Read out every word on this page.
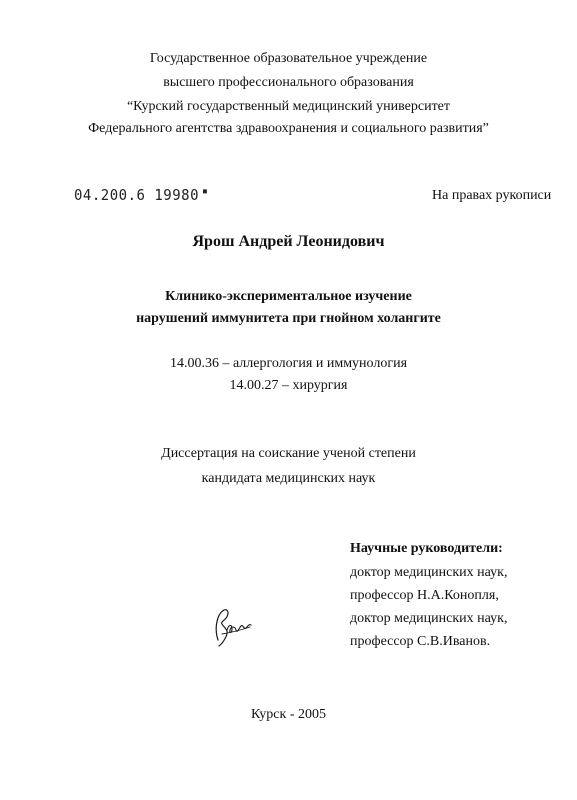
Государственное образовательное учреждение
высшего профессионального образования
“Курский государственный медицинский университет
Федерального агентства здравоохранения и социального развития”
04.200.6 19980 ▪	На правах рукописи
Ярош Андрей Леонидович
Клинико-экспериментальное изучение
нарушений иммунитета при гнойном холангите
14.00.36 – аллергология и иммунология
14.00.27 – хирургия
Диссертация на соискание ученой степени
кандидата медицинских наук
Научные руководители:
доктор медицинских наук,
профессор Н.А.Конопля,
доктор медицинских наук,
профессор С.В.Иванов.
Курск - 2005
